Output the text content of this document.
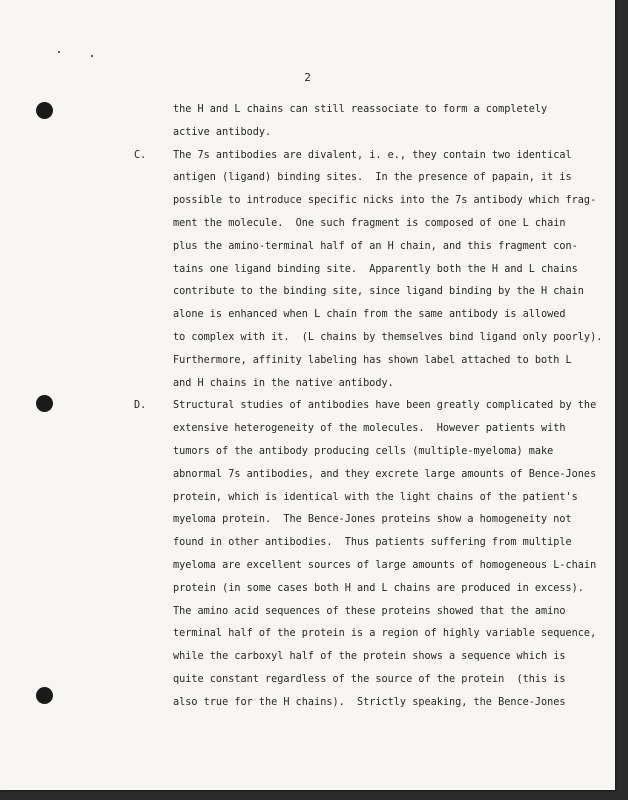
2
the H and L chains can still reassociate to form a completely
active antibody.
C.	The 7s antibodies are divalent, i. e., they contain two identical
antigen (ligand) binding sites.  In the presence of papain, it is
possible to introduce specific nicks into the 7s antibody which frag-
ment the molecule.  One such fragment is composed of one L chain
plus the amino-terminal half of an H chain, and this fragment con-
tains one ligand binding site.  Apparently both the H and L chains
contribute to the binding site, since ligand binding by the H chain
alone is enhanced when L chain from the same antibody is allowed
to complex with it.  (L chains by themselves bind ligand only poorly).
Furthermore, affinity labeling has shown label attached to both L
and H chains in the native antibody.
D.	Structural studies of antibodies have been greatly complicated by the
extensive heterogeneity of the molecules.  However patients with
tumors of the antibody producing cells (multiple-myeloma) make
abnormal 7s antibodies, and they excrete large amounts of Bence-Jones
protein, which is identical with the light chains of the patient's
myeloma protein.  The Bence-Jones proteins show a homogeneity not
found in other antibodies.  Thus patients suffering from multiple
myeloma are excellent sources of large amounts of homogeneous L-chain
protein (in some cases both H and L chains are produced in excess).
The amino acid sequences of these proteins showed that the amino
terminal half of the protein is a region of highly variable sequence,
while the carboxyl half of the protein shows a sequence which is
quite constant regardless of the source of the protein  (this is
also true for the H chains).  Strictly speaking, the Bence-Jones
